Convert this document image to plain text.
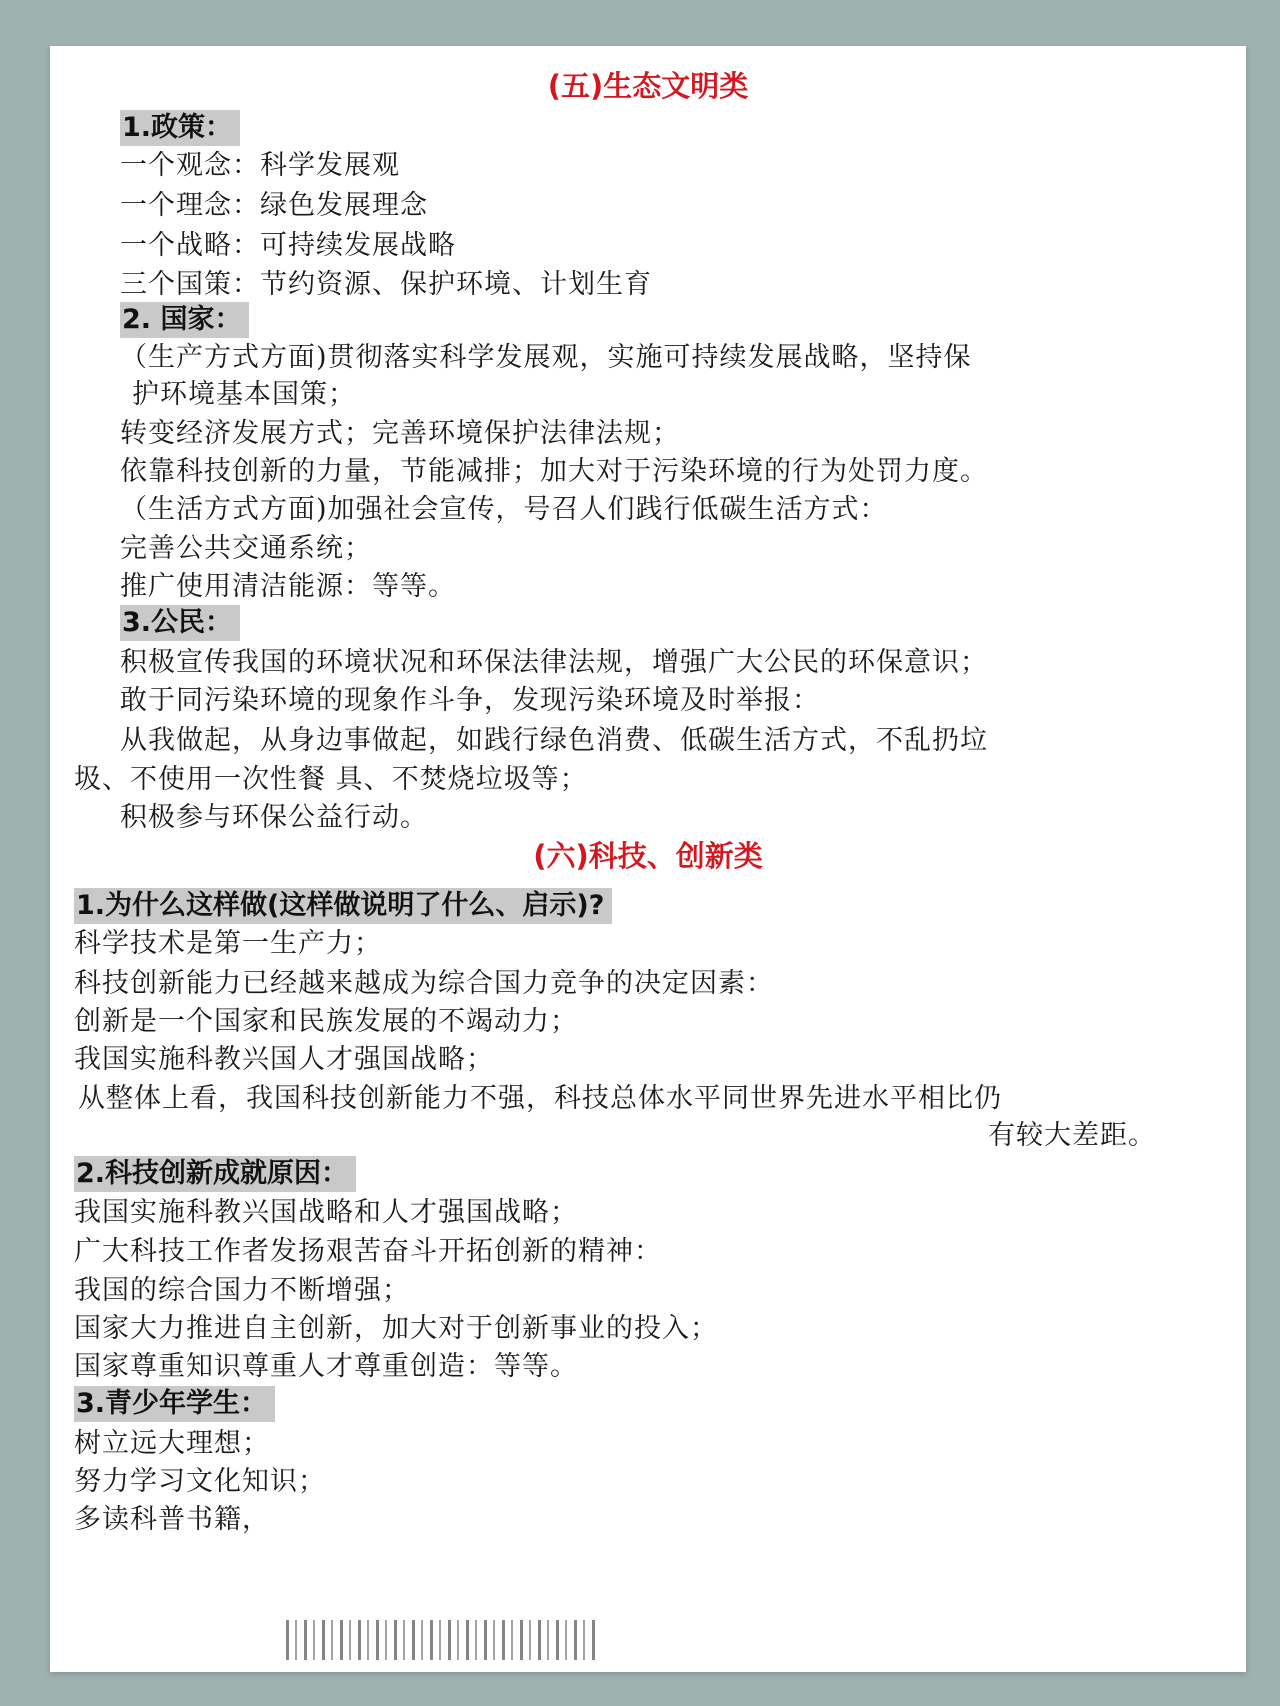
(五)生态文明类
1.政策：
一个观念：科学发展观
一个理念：绿色发展理念
一个战略：可持续发展战略
三个国策：节约资源、保护环境、计划生育
2. 国家：
（生产方式方面)贯彻落实科学发展观，实施可持续发展战略，坚持保
护环境基本国策；
转变经济发展方式；完善环境保护法律法规；
依靠科技创新的力量，节能减排；加大对于污染环境的行为处罚力度。
（生活方式方面)加强社会宣传，号召人们践行低碳生活方式：
完善公共交通系统；
推广使用清洁能源：等等。
3.公民：
积极宣传我国的环境状况和环保法律法规，增强广大公民的环保意识；
敢于同污染环境的现象作斗争，发现污染环境及时举报：
从我做起，从身边事做起，如践行绿色消费、低碳生活方式，不乱扔垃
圾、不使用一次性餐 具、不焚烧垃圾等；
积极参与环保公益行动。
(六)科技、创新类
1.为什么这样做(这样做说明了什么、启示)?
科学技术是第一生产力；
科技创新能力已经越来越成为综合国力竞争的决定因素：
创新是一个国家和民族发展的不竭动力；
我国实施科教兴国人才强国战略；
从整体上看，我国科技创新能力不强，科技总体水平同世界先进水平相比仍
有较大差距。
2.科技创新成就原因：
我国实施科教兴国战略和人才强国战略；
广大科技工作者发扬艰苦奋斗开拓创新的精神：
我国的综合国力不断增强；
国家大力推进自主创新，加大对于创新事业的投入；
国家尊重知识尊重人才尊重创造：等等。
3.青少年学生：
树立远大理想；
努力学习文化知识；
多读科普书籍，
